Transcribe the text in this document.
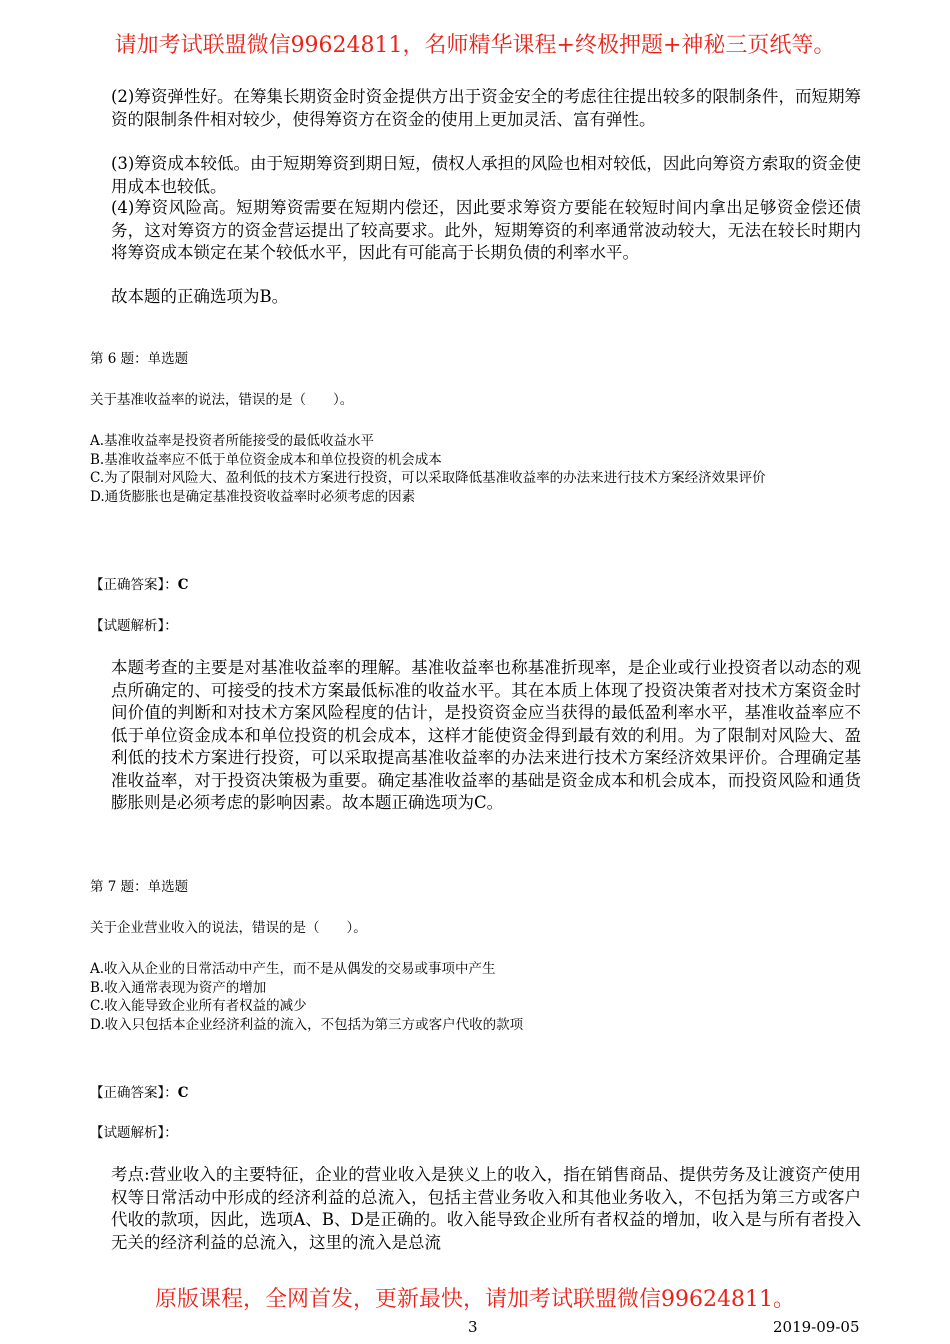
请加考试联盟微信99624811，名师精华课程+终极押题+神秘三页纸等。
(2)筹资弹性好。在筹集长期资金时资金提供方出于资金安全的考虑往往提出较多的限制条件，而短期筹资的限制条件相对较少，使得筹资方在资金的使用上更加灵活、富有弹性。
(3)筹资成本较低。由于短期筹资到期日短，债权人承担的风险也相对较低，因此向筹资方索取的资金使用成本也较低。
(4)筹资风险高。短期筹资需要在短期内偿还，因此要求筹资方要能在较短时间内拿出足够资金偿还债务，这对筹资方的资金营运提出了较高要求。此外，短期筹资的利率通常波动较大，无法在较长时期内将筹资成本锁定在某个较低水平，因此有可能高于长期负债的利率水平。
故本题的正确选项为B。
第 6 题：单选题
关于基准收益率的说法，错误的是（　　）。
A.基准收益率是投资者所能接受的最低收益水平
B.基准收益率应不低于单位资金成本和单位投资的机会成本
C.为了限制对风险大、盈利低的技术方案进行投资，可以采取降低基准收益率的办法来进行技术方案经济效果评价
D.通货膨胀也是确定基准投资收益率时必须考虑的因素
【正确答案】：C
【试题解析】：
本题考查的主要是对基准收益率的理解。基准收益率也称基准折现率，是企业或行业投资者以动态的观点所确定的、可接受的技术方案最低标准的收益水平。其在本质上体现了投资决策者对技术方案资金时间价值的判断和对技术方案风险程度的估计，是投资资金应当获得的最低盈利率水平，基准收益率应不低于单位资金成本和单位投资的机会成本，这样才能使资金得到最有效的利用。为了限制对风险大、盈利低的技术方案进行投资，可以采取提高基准收益率的办法来进行技术方案经济效果评价。合理确定基准收益率，对于投资决策极为重要。确定基准收益率的基础是资金成本和机会成本，而投资风险和通货膨胀则是必须考虑的影响因素。故本题正确选项为C。
第 7 题：单选题
关于企业营业收入的说法，错误的是（　　）。
A.收入从企业的日常活动中产生，而不是从偶发的交易或事项中产生
B.收入通常表现为资产的增加
C.收入能导致企业所有者权益的减少
D.收入只包括本企业经济利益的流入，不包括为第三方或客户代收的款项
【正确答案】：C
【试题解析】：
考点:营业收入的主要特征，企业的营业收入是狭义上的收入，指在销售商品、提供劳务及让渡资产使用权等日常活动中形成的经济利益的总流入，包括主营业务收入和其他业务收入，不包括为第三方或客户代收的款项，因此，选项A、B、D是正确的。收入能导致企业所有者权益的增加，收入是与所有者投入无关的经济利益的总流入，这里的流入是总流
原版课程，全网首发，更新最快，请加考试联盟微信99624811。
3	2019-09-05
